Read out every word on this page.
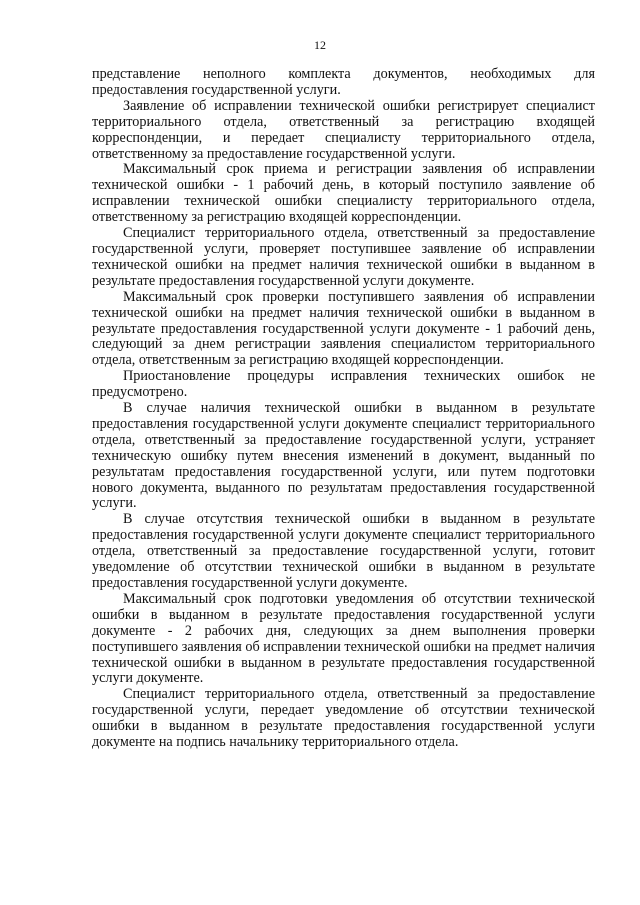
12

представление неполного комплекта документов, необходимых для предоставления государственной услуги.

Заявление об исправлении технической ошибки регистрирует специалист территориального отдела, ответственный за регистрацию входящей корреспонденции, и передает специалисту территориального отдела, ответственному за предоставление государственной услуги.

Максимальный срок приема и регистрации заявления об исправлении технической ошибки - 1 рабочий день, в который поступило заявление об исправлении технической ошибки специалисту территориального отдела, ответственному за регистрацию входящей корреспонденции.

Специалист территориального отдела, ответственный за предоставление государственной услуги, проверяет поступившее заявление об исправлении технической ошибки на предмет наличия технической ошибки в выданном в результате предоставления государственной услуги документе.

Максимальный срок проверки поступившего заявления об исправлении технической ошибки на предмет наличия технической ошибки в выданном в результате предоставления государственной услуги документе - 1 рабочий день, следующий за днем регистрации заявления специалистом территориального отдела, ответственным за регистрацию входящей корреспонденции.

Приостановление процедуры исправления технических ошибок не предусмотрено.

В случае наличия технической ошибки в выданном в результате предоставления государственной услуги документе специалист территориального отдела, ответственный за предоставление государственной услуги, устраняет техническую ошибку путем внесения изменений в документ, выданный по результатам предоставления государственной услуги, или путем подготовки нового документа, выданного по результатам предоставления государственной услуги.

В случае отсутствия технической ошибки в выданном в результате предоставления государственной услуги документе специалист территориального отдела, ответственный за предоставление государственной услуги, готовит уведомление об отсутствии технической ошибки в выданном в результате предоставления государственной услуги документе.

Максимальный срок подготовки уведомления об отсутствии технической ошибки в выданном в результате предоставления государственной услуги документе - 2 рабочих дня, следующих за днем выполнения проверки поступившего заявления об исправлении технической ошибки на предмет наличия технической ошибки в выданном в результате предоставления государственной услуги документе.

Специалист территориального отдела, ответственный за предоставление государственной услуги, передает уведомление об отсутствии технической ошибки в выданном в результате предоставления государственной услуги документе на подпись начальнику территориального отдела.
